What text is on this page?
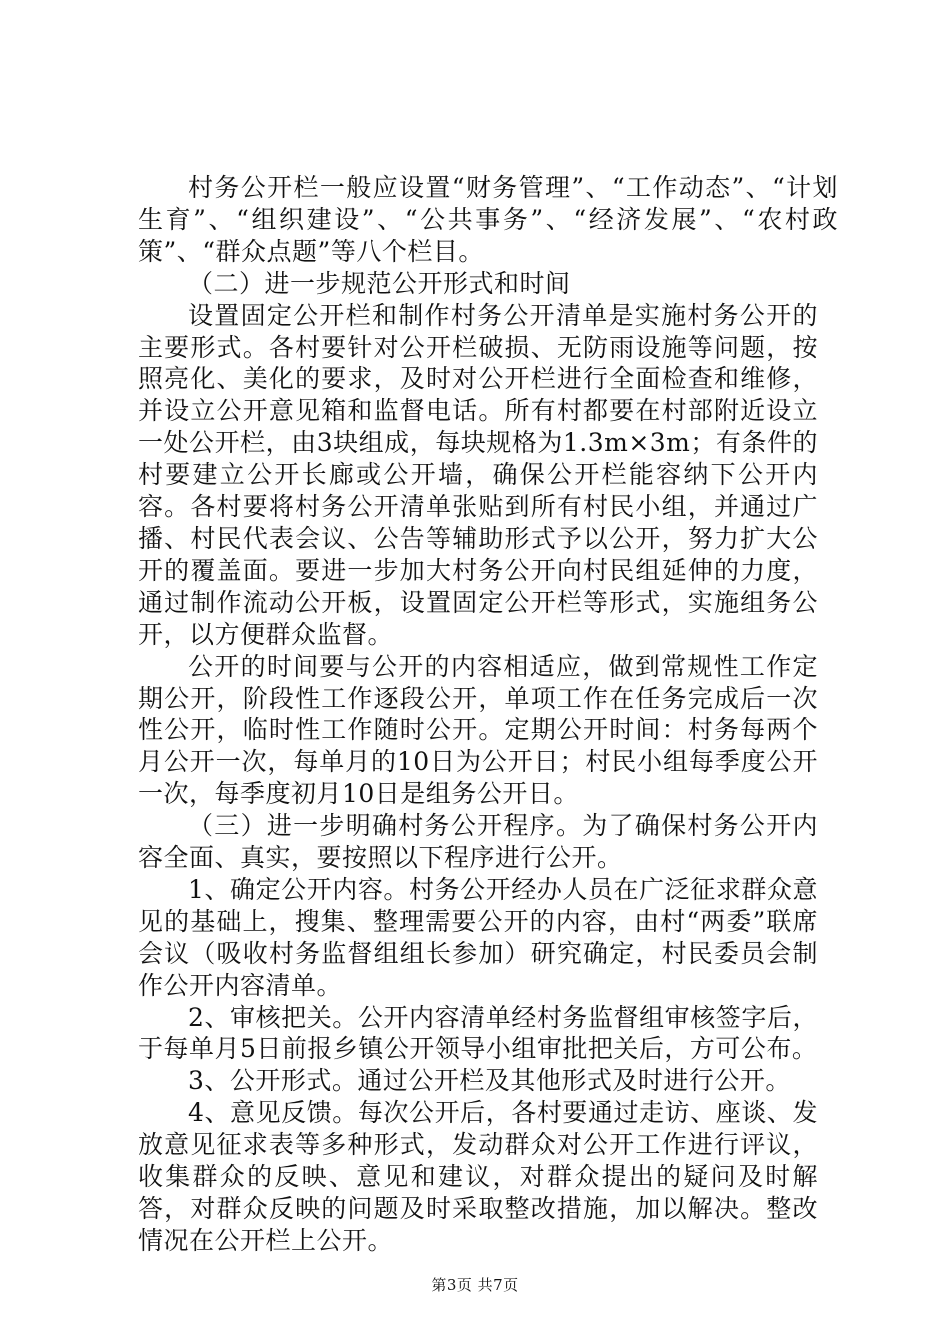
村务公开栏一般应设置“财务管理”、“工作动态”、“计划生育”、“组织建设”、“公共事务”、“经济发展”、“农村政策”、“群众点题”等八个栏目。

（二）进一步规范公开形式和时间

设置固定公开栏和制作村务公开清单是实施村务公开的主要形式。各村要针对公开栏破损、无防雨设施等问题，按照亮化、美化的要求，及时对公开栏进行全面检查和维修，并设立公开意见箱和监督电话。所有村都要在村部附近设立一处公开栏，由3块组成，每块规格为1.3m×3m；有条件的村要建立公开长廊或公开墙，确保公开栏能容纳下公开内容。各村要将村务公开清单张贴到所有村民小组，并通过广播、村民代表会议、公告等辅助形式予以公开，努力扩大公开的覆盖面。要进一步加大村务公开向村民组延伸的力度，通过制作流动公开板，设置固定公开栏等形式，实施组务公开，以方便群众监督。

公开的时间要与公开的内容相适应，做到常规性工作定期公开，阶段性工作逐段公开，单项工作在任务完成后一次性公开，临时性工作随时公开。定期公开时间：村务每两个月公开一次，每单月的10日为公开日；村民小组每季度公开一次，每季度初月10日是组务公开日。

（三）进一步明确村务公开程序。为了确保村务公开内容全面、真实，要按照以下程序进行公开。

1、确定公开内容。村务公开经办人员在广泛征求群众意见的基础上，搜集、整理需要公开的内容，由村“两委”联席会议（吸收村务监督组组长参加）研究确定，村民委员会制作公开内容清单。

2、审核把关。公开内容清单经村务监督组审核签字后，于每单月5日前报乡镇公开领导小组审批把关后，方可公布。

3、公开形式。通过公开栏及其他形式及时进行公开。

4、意见反馈。每次公开后，各村要通过走访、座谈、发放意见征求表等多种形式，发动群众对公开工作进行评议，收集群众的反映、意见和建议，对群众提出的疑问及时解答，对群众反映的问题及时采取整改措施，加以解决。整改情况在公开栏上公开。

第3页 共7页
